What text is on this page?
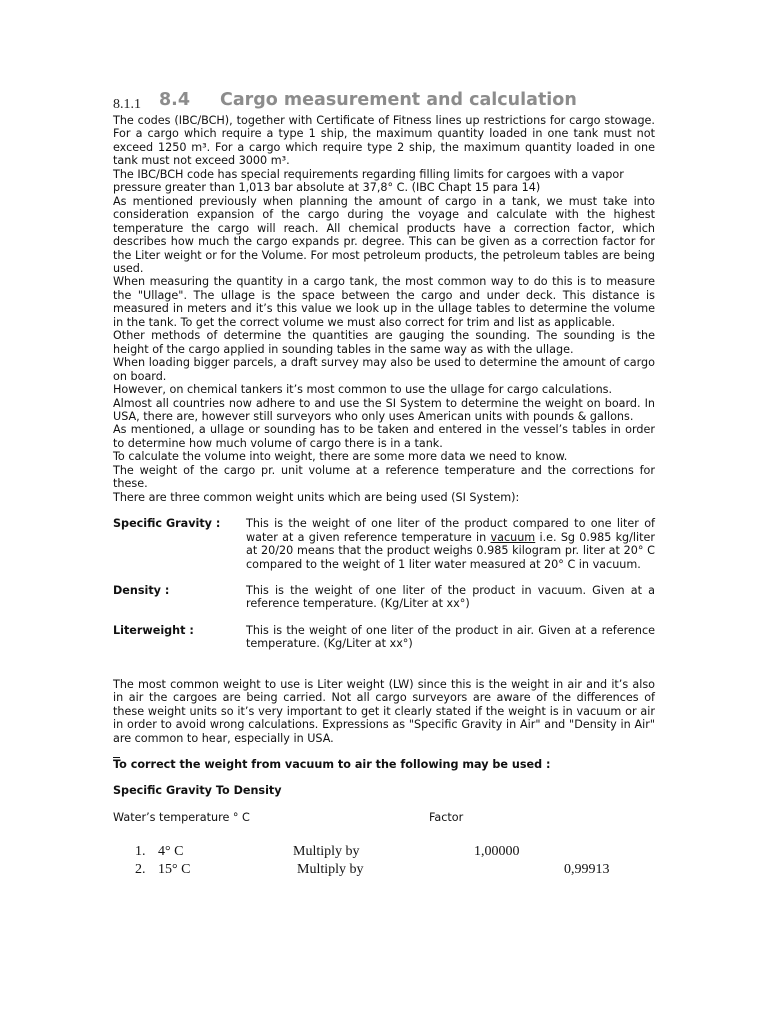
8.1.1 8.4 Cargo measurement and calculation

The codes (IBC/BCH), together with Certificate of Fitness lines up restrictions for cargo stowage. For a cargo which require a type 1 ship, the maximum quantity loaded in one tank must not exceed 1250 m³. For a cargo which require type 2 ship, the maximum quantity loaded in one tank must not exceed 3000 m³.

The IBC/BCH code has special requirements regarding filling limits for cargoes with a vapor pressure greater than 1,013 bar absolute at 37,8° C. (IBC Chapt 15 para 14)

As mentioned previously when planning the amount of cargo in a tank, we must take into consideration expansion of the cargo during the voyage and calculate with the highest temperature the cargo will reach. All chemical products have a correction factor, which describes how much the cargo expands pr. degree. This can be given as a correction factor for the Liter weight or for the Volume. For most petroleum products, the petroleum tables are being used.

When measuring the quantity in a cargo tank, the most common way to do this is to measure the "Ullage". The ullage is the space between the cargo and under deck. This distance is measured in meters and it’s this value we look up in the ullage tables to determine the volume in the tank. To get the correct volume we must also correct for trim and list as applicable.

Other methods of determine the quantities are gauging the sounding. The sounding is the height of the cargo applied in sounding tables in the same way as with the ullage.

When loading bigger parcels, a draft survey may also be used to determine the amount of cargo on board.

However, on chemical tankers it’s most common to use the ullage for cargo calculations.

Almost all countries now adhere to and use the SI System to determine the weight on board. In USA, there are, however still surveyors who only uses American units with pounds & gallons.

As mentioned, a ullage or sounding has to be taken and entered in the vessel’s tables in order to determine how much volume of cargo there is in a tank.

To calculate the volume into weight, there are some more data we need to know.

The weight of the cargo pr. unit volume at a reference temperature and the corrections for these.

There are three common weight units which are being used (SI System):

Specific Gravity :	This is the weight of one liter of the product compared to one liter of water at a given reference temperature in vacuum i.e. Sg 0.985 kg/liter at 20/20 means that the product weighs 0.985 kilogram pr. liter at 20° C compared to the weight of 1 liter water measured at 20° C in vacuum.
Density :	This is the weight of one liter of the product in vacuum. Given at a reference temperature. (Kg/Liter at xx°)
Literweight :	This is the weight of one liter of the product in air. Given at a reference temperature. (Kg/Liter at xx°)

The most common weight to use is Liter weight (LW) since this is the weight in air and it’s also in air the cargoes are being carried. Not all cargo surveyors are aware of the differences of these weight units so it’s very important to get it clearly stated if the weight is in vacuum or air in order to avoid wrong calculations. Expressions as "Specific Gravity in Air" and "Density in Air" are common to hear, especially in USA.

To correct the weight from vacuum to air the following may be used :

Specific Gravity To Density

Water’s temperature ° C	Factor
1. 4° C	Multiply by	1,00000
2. 15° C	Multiply by	0,99913
